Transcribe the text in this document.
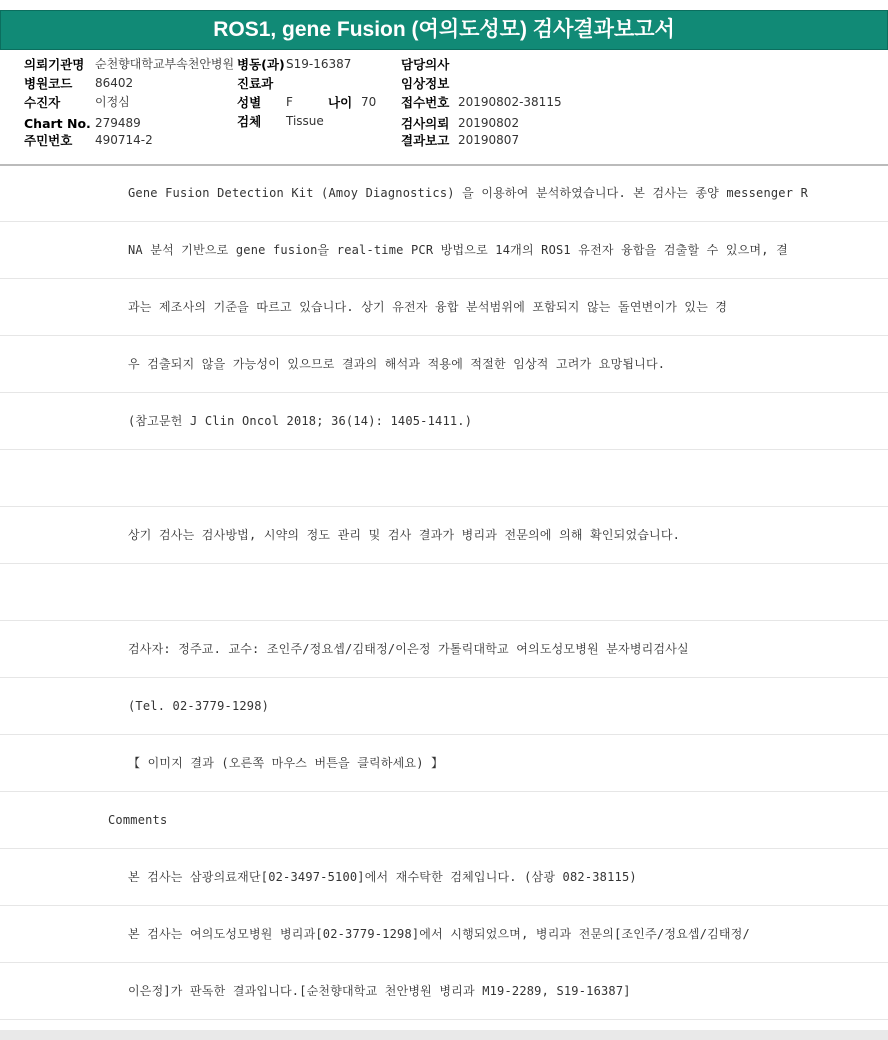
ROS1, gene Fusion (여의도성모) 검사결과보고서
의뢰기관명 순천향대학교부속천안병원 병동(과) S19-16387	담당의사
병원코드 86402	진료과	임상정보
수진자	이정심	성별 F	나이 70 접수번호 20190802-38115
Chart No. 279489	검체 Tissue	검사의뢰 20190802
주민번호 490714-2	결과보고 20190807
Gene Fusion Detection Kit (Amoy Diagnostics) 을 이용하여 분석하였습니다. 본 검사는 종양 messenger R
NA 분석 기반으로 gene fusion을 real-time PCR 방법으로 14개의 ROS1 유전자 융합을 검출할 수 있으며, 결
과는 제조사의 기준을 따르고 있습니다. 상기 유전자 융합 분석범위에 포함되지 않는 돌연변이가 있는 경
우 검출되지 않을 가능성이 있으므로 결과의 해석과 적용에 적절한 임상적 고려가 요망됩니다.
(참고문헌 J Clin Oncol 2018; 36(14): 1405-1411.)
상기 검사는 검사방법, 시약의 정도 관리 및 검사 결과가 병리과 전문의에 의해 확인되었습니다.
검사자: 정주교. 교수: 조인주/정요셉/김태정/이은정 가톨릭대학교 여의도성모병원 분자병리검사실
(Tel. 02-3779-1298)
【 이미지 결과 (오른쪽 마우스 버튼을 클릭하세요) 】
Comments
본 검사는 삼광의료재단[02-3497-5100]에서 재수탁한 검체입니다. (삼광 082-38115)
본 검사는 여의도성모병원 병리과[02-3779-1298]에서 시행되었으며, 병리과 전문의[조인주/정요셉/김태정/
이은정]가 판독한 결과입니다.[순천향대학교 천안병원 병리과 M19-2289, S19-16387]
